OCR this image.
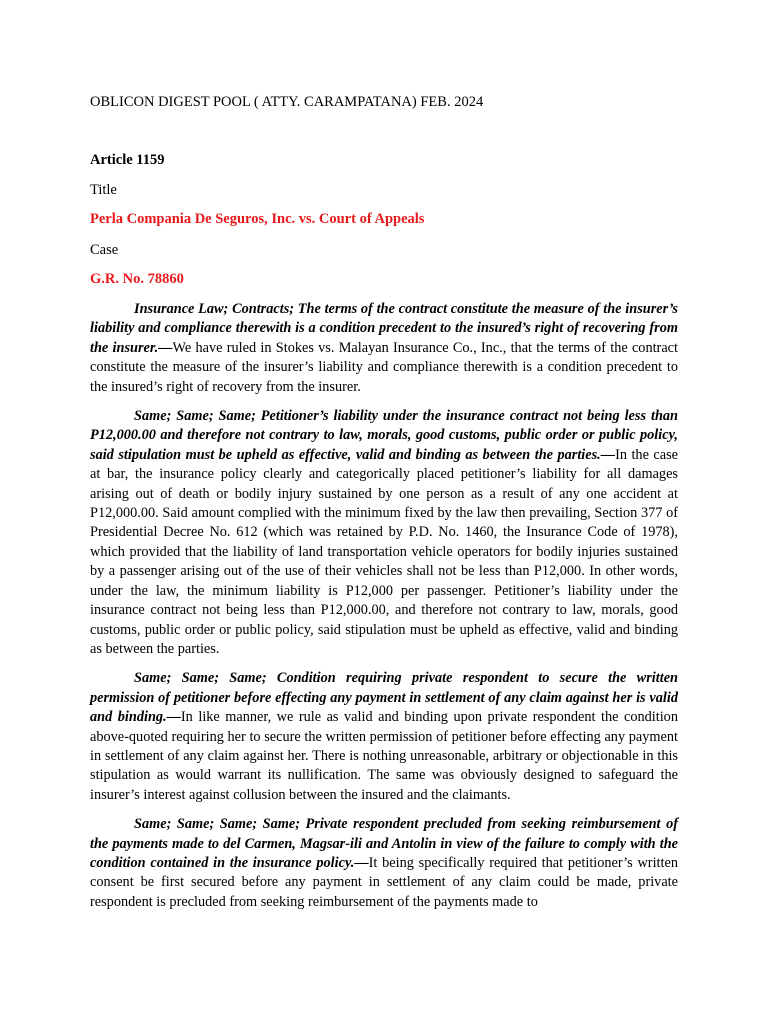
OBLICON DIGEST POOL ( ATTY. CARAMPATANA) FEB. 2024
Article 1159
Title
Perla Compania De Seguros, Inc. vs. Court of Appeals
Case
G.R. No. 78860

Insurance Law; Contracts; The terms of the contract constitute the measure of the insurer’s liability and compliance therewith is a condition precedent to the insured’s right of recovering from the insurer.—We have ruled in Stokes vs. Malayan Insurance Co., Inc., that the terms of the contract constitute the measure of the insurer’s liability and compliance therewith is a condition precedent to the insured’s right of recovery from the insurer.

Same; Same; Same; Petitioner’s liability under the insurance contract not being less than P12,000.00 and therefore not contrary to law, morals, good customs, public order or public policy, said stipulation must be upheld as effective, valid and binding as between the parties.—In the case at bar, the insurance policy clearly and categorically placed petitioner’s liability for all damages arising out of death or bodily injury sustained by one person as a result of any one accident at P12,000.00. Said amount complied with the minimum fixed by the law then prevailing, Section 377 of Presidential Decree No. 612 (which was retained by P.D. No. 1460, the Insurance Code of 1978), which provided that the liability of land transportation vehicle operators for bodily injuries sustained by a passenger arising out of the use of their vehicles shall not be less than P12,000. In other words, under the law, the minimum liability is P12,000 per passenger. Petitioner’s liability under the insurance contract not being less than P12,000.00, and therefore not contrary to law, morals, good customs, public order or public policy, said stipulation must be upheld as effective, valid and binding as between the parties.

Same; Same; Same; Condition requiring private respondent to secure the written permission of petitioner before effecting any payment in settlement of any claim against her is valid and binding.—In like manner, we rule as valid and binding upon private respondent the condition above-quoted requiring her to secure the written permission of petitioner before effecting any payment in settlement of any claim against her. There is nothing unreasonable, arbitrary or objectionable in this stipulation as would warrant its nullification. The same was obviously designed to safeguard the insurer’s interest against collusion between the insured and the claimants.

Same; Same; Same; Same; Private respondent precluded from seeking reimbursement of the payments made to del Carmen, Magsar-ili and Antolin in view of the failure to comply with the condition contained in the insurance policy.—It being specifically required that petitioner’s written consent be first secured before any payment in settlement of any claim could be made, private respondent is precluded from seeking reimbursement of the payments made to
